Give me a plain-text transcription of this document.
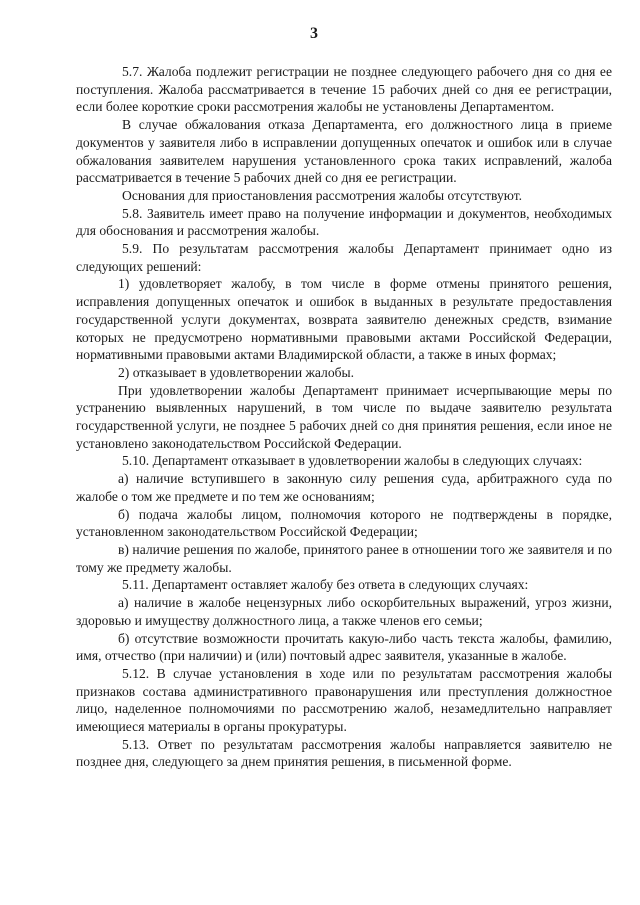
3

5.7. Жалоба подлежит регистрации не позднее следующего рабочего дня со дня ее поступления. Жалоба рассматривается в течение 15 рабочих дней со дня ее регистрации, если более короткие сроки рассмотрения жалобы не установлены Департаментом.

В случае обжалования отказа Департамента, его должностного лица в приеме документов у заявителя либо в исправлении допущенных опечаток и ошибок или в случае обжалования заявителем нарушения установленного срока таких исправлений, жалоба рассматривается в течение 5 рабочих дней со дня ее регистрации.

Основания для приостановления рассмотрения жалобы отсутствуют.

5.8. Заявитель имеет право на получение информации и документов, необходимых для обоснования и рассмотрения жалобы.

5.9. По результатам рассмотрения жалобы Департамент принимает одно из следующих решений:

1) удовлетворяет жалобу, в том числе в форме отмены принятого решения, исправления допущенных опечаток и ошибок в выданных в результате предоставления государственной услуги документах, возврата заявителю денежных средств, взимание которых не предусмотрено нормативными правовыми актами Российской Федерации, нормативными правовыми актами Владимирской области, а также в иных формах;

2) отказывает в удовлетворении жалобы.

При удовлетворении жалобы Департамент принимает исчерпывающие меры по устранению выявленных нарушений, в том числе по выдаче заявителю результата государственной услуги, не позднее 5 рабочих дней со дня принятия решения, если иное не установлено законодательством Российской Федерации.

5.10. Департамент отказывает в удовлетворении жалобы в следующих случаях:

а) наличие вступившего в законную силу решения суда, арбитражного суда по жалобе о том же предмете и по тем же основаниям;

б) подача жалобы лицом, полномочия которого не подтверждены в порядке, установленном законодательством Российской Федерации;

в) наличие решения по жалобе, принятого ранее в отношении того же заявителя и по тому же предмету жалобы.

5.11. Департамент оставляет жалобу без ответа в следующих случаях:

а) наличие в жалобе нецензурных либо оскорбительных выражений, угроз жизни, здоровью и имуществу должностного лица, а также членов его семьи;

б) отсутствие возможности прочитать какую-либо часть текста жалобы, фамилию, имя, отчество (при наличии) и (или) почтовый адрес заявителя, указанные в жалобе.

5.12. В случае установления в ходе или по результатам рассмотрения жалобы признаков состава административного правонарушения или преступления должностное лицо, наделенное полномочиями по рассмотрению жалоб, незамедлительно направляет имеющиеся материалы в органы прокуратуры.

5.13. Ответ по результатам рассмотрения жалобы направляется заявителю не позднее дня, следующего за днем принятия решения, в письменной форме.
